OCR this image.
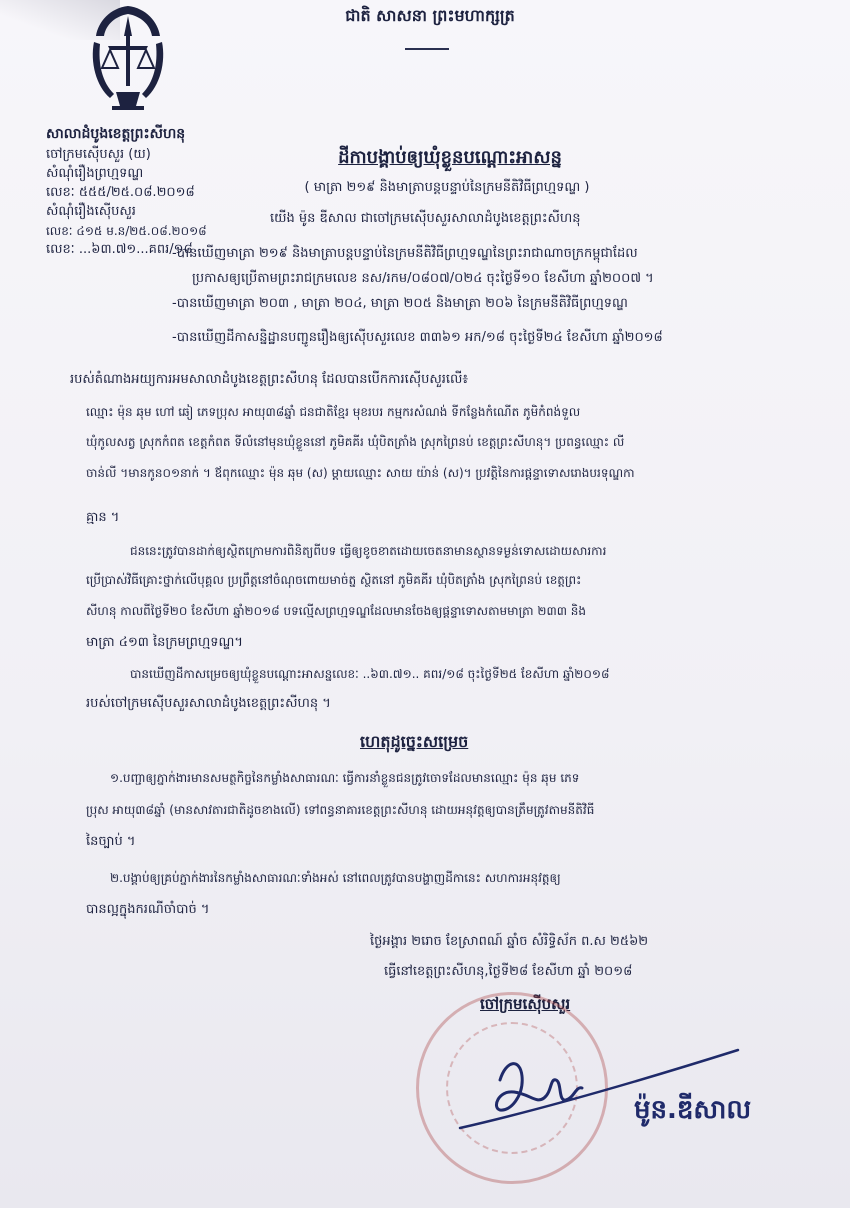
ជាតិ សាសនា ព្រះមហាក្សត្រ
សាលាដំបូងខេត្តព្រះសីហនុ
ចៅក្រមស៊ើបសួរ (យ)
សំណុំរឿងព្រហ្មទណ្ឌ
លេខៈ ៥៥៥/២៥.០៨.២០១៨
សំណុំរឿងស៊ើបសួរ
លេខៈ ៤១៥ ម.ន/២៥.០៨.២០១៨
លេខៈ ...៦៣.៧១...គពរ/១៨
ដីកាបង្គាប់ឲ្យឃុំខ្លួនបណ្ដោះអាសន្ន
( មាត្រា ២១៩ និងមាត្រាបន្តបន្ទាប់នៃក្រមនីតិវិធីព្រហ្មទណ្ឌ )
យើង ម៉ូន ឌីសាល ជាចៅក្រមស៊ើបសួរសាលាដំបូងខេត្តព្រះសីហនុ
-បានឃើញមាត្រា ២១៩ និងមាត្រាបន្តបន្ទាប់នៃក្រមនីតិវិធីព្រហ្មទណ្ឌនៃព្រះរាជាណាចក្រកម្ពុជាដែល
ប្រកាសឲ្យប្រើតាមព្រះរាជក្រមលេខ នស/រកម/០៨០៧/០២៤ ចុះថ្ងៃទី១០ ខែសីហា ឆ្នាំ២០០៧ ។
-បានឃើញមាត្រា ២០៣ , មាត្រា ២០៤, មាត្រា ២០៥ និងមាត្រា ២០៦ នៃក្រមនីតិវិធីព្រហ្មទណ្ឌ
-បានឃើញដីកាសន្និដ្ឋានបញ្ជូនរឿងឲ្យស៊ើបសួរលេខ ៣៣៦១ អក/១៨ ចុះថ្ងៃទី២៤ ខែសីហា ឆ្នាំ២០១៨
របស់តំណាងអយ្យការអមសាលាដំបូងខេត្តព្រះសីហនុ ដែលបានបើកការស៊ើបសួរលើ៖
ឈ្មោះ ម៉ុន ឆុម ហៅ ឆៀ ភេទប្រុស អាយុ៣៨ឆ្នាំ ជនជាតិខ្មែរ មុខរបរ កម្មករសំណង់ ទីកន្លែងកំណើត ភូមិកំពង់ទួល
ឃុំកូលសត្វ ស្រុកកំពត ខេត្តកំពត ទីលំនៅមុនឃុំខ្លួននៅ ភូមិគគីរ ឃុំបិតត្រាំង ស្រុកព្រៃនប់ ខេត្តព្រះសីហនុ។ ប្រពន្ធឈ្មោះ លី
ចាន់លី ។មានកូន០១នាក់ ។ ឪពុកឈ្មោះ ម៉ុន ឆុម (ស) ម្ដាយឈ្មោះ សាយ យ៉ាន់ (ស)។ ប្រវត្តិនៃការផ្ដន្ទាទោសរោងបរទុណ្ឌកា
គ្មាន ។
ជននេះត្រូវបានដាក់ឲ្យស្ថិតក្រោមការពិនិត្យពីបទ ធ្វើឲ្យខូចខាតដោយចេតនាមានស្ថានទម្ងន់ទោសដោយសារការ
ប្រើប្រាស់វិធីគ្រោះថ្នាក់លើបុគ្គល ប្រព្រឹត្តនៅចំណុចពោយមាច់ត្ន ស្ថិតនៅ ភូមិគគីរ ឃុំបិតត្រាំង ស្រុកព្រៃនប់ ខេត្តព្រះ
សីហនុ កាលពីថ្ងៃទី២០ ខែសីហា ឆ្នាំ២០១៨ បទល្មើសព្រហ្មទណ្ឌដែលមានចែងឲ្យផ្ដន្ទាទោសតាមមាត្រា ២៣៣ និង
មាត្រា ៤១៣ នៃក្រមព្រហ្មទណ្ឌ។
បានឃើញដីកាសម្រេចឲ្យឃុំខ្លួនបណ្ដោះអាសន្នលេខៈ ..៦៣.៧១.. គពរ/១៨ ចុះថ្ងៃទី២៥ ខែសីហា ឆ្នាំ២០១៨
របស់ចៅក្រមស៊ើបសួរសាលាដំបូងខេត្តព្រះសីហនុ ។
ហេតុដូច្នេះសម្រេច
១.បញ្ជាឲ្យភ្នាក់ងារមានសមត្ថកិច្ចនៃកម្លាំងសាធារណៈ ធ្វើការនាំខ្លួនជនត្រូវចោទដែលមានឈ្មោះ ម៉ុន ឆុម ភេទ
ប្រុស អាយុ៣៨ឆ្នាំ (មានសាវតារជាតិដូចខាងលើ) ទៅពន្ធនាគារខេត្តព្រះសីហនុ ដោយអនុវត្តឲ្យបានត្រឹមត្រូវតាមនីតិវិធី
នៃច្បាប់ ។
២.បង្គាប់ឲ្យគ្រប់ភ្នាក់ងារនៃកម្លាំងសាធារណៈទាំងអស់ នៅពេលត្រូវបានបង្ហាញដីកានេះ សហការអនុវត្តឲ្យ
បានល្អក្នុងករណីចាំបាច់ ។
ថ្ងៃអង្គារ ២រោច ខែស្រាពណ៍ ឆ្នាំច សំរិទ្ធិស័ក ព.ស ២៥៦២
ធ្វើនៅខេត្តព្រះសីហនុ,ថ្ងៃទី២៨ ខែសីហា ឆ្នាំ ២០១៨
ចៅក្រមស៊ើបសួរ
ម៉ូន.ឌីសាល
